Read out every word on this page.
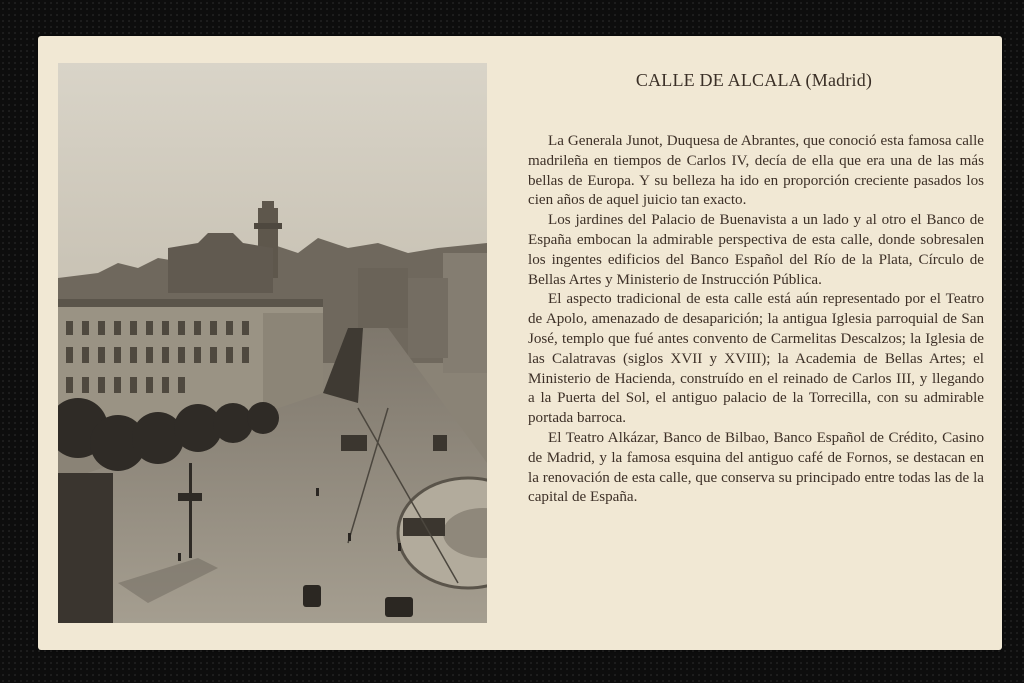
CALLE DE ALCALA (Madrid)

La Generala Junot, Duquesa de Abrantes, que conoció esta famosa calle madrileña en tiempos de Carlos IV, decía de ella que era una de las más bellas de Europa. Y su belleza ha ido en proporción creciente pasados los cien años de aquel juicio tan exacto.

Los jardines del Palacio de Buenavista a un lado y al otro el Banco de España embocan la admirable perspectiva de esta calle, donde sobresalen los ingentes edificios del Banco Español del Río de la Plata, Círculo de Bellas Artes y Ministerio de Instrucción Pública.

El aspecto tradicional de esta calle está aún representado por el Teatro de Apolo, amenazado de desaparición; la antigua Iglesia parroquial de San José, templo que fué antes convento de Carmelitas Descalzos; la Iglesia de las Calatravas (siglos XVII y XVIII); la Academia de Bellas Artes; el Ministerio de Hacienda, construído en el reinado de Carlos III, y llegando a la Puerta del Sol, el antiguo palacio de la Torrecilla, con su admirable portada barroca.

El Teatro Alkázar, Banco de Bilbao, Banco Español de Crédito, Casino de Madrid, y la famosa esquina del antiguo café de Fornos, se destacan en la renovación de esta calle, que conserva su principado entre todas las de la capital de España.
